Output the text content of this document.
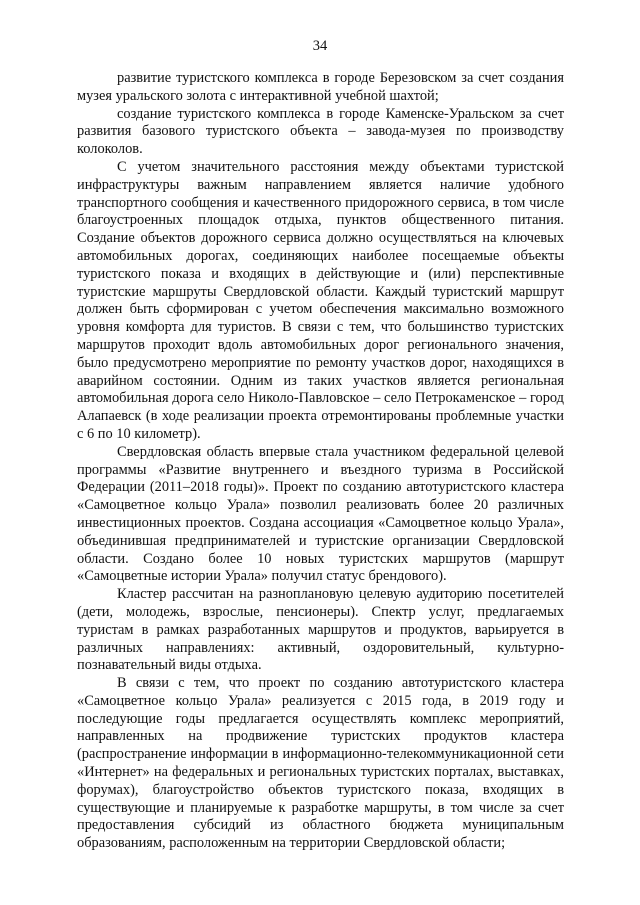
34

развитие туристского комплекса в городе Березовском за счет создания музея уральского золота с интерактивной учебной шахтой;

создание туристского комплекса в городе Каменске-Уральском за счет развития базового туристского объекта – завода-музея по производству колоколов.

С учетом значительного расстояния между объектами туристской инфраструктуры важным направлением является наличие удобного транспортного сообщения и качественного придорожного сервиса, в том числе благоустроенных площадок отдыха, пунктов общественного питания. Создание объектов дорожного сервиса должно осуществляться на ключевых автомобильных дорогах, соединяющих наиболее посещаемые объекты туристского показа и входящих в действующие и (или) перспективные туристские маршруты Свердловской области. Каждый туристский маршрут должен быть сформирован с учетом обеспечения максимально возможного уровня комфорта для туристов. В связи с тем, что большинство туристских маршрутов проходит вдоль автомобильных дорог регионального значения, было предусмотрено мероприятие по ремонту участков дорог, находящихся в аварийном состоянии. Одним из таких участков является региональная автомобильная дорога село Николо-Павловское – село Петрокаменское – город Алапаевск (в ходе реализации проекта отремонтированы проблемные участки с 6 по 10 километр).

Свердловская область впервые стала участником федеральной целевой программы «Развитие внутреннего и въездного туризма в Российской Федерации (2011–2018 годы)». Проект по созданию автотуристского кластера «Самоцветное кольцо Урала» позволил реализовать более 20 различных инвестиционных проектов. Создана ассоциация «Самоцветное кольцо Урала», объединившая предпринимателей и туристские организации Свердловской области. Создано более 10 новых туристских маршрутов (маршрут «Самоцветные истории Урала» получил статус брендового).

Кластер рассчитан на разноплановую целевую аудиторию посетителей (дети, молодежь, взрослые, пенсионеры). Спектр услуг, предлагаемых туристам в рамках разработанных маршрутов и продуктов, варьируется в различных направлениях: активный, оздоровительный, культурно-познавательный виды отдыха.

В связи с тем, что проект по созданию автотуристского кластера «Самоцветное кольцо Урала» реализуется с 2015 года, в 2019 году и последующие годы предлагается осуществлять комплекс мероприятий, направленных на продвижение туристских продуктов кластера (распространение информации в информационно-телекоммуникационной сети «Интернет» на федеральных и региональных туристских порталах, выставках, форумах), благоустройство объектов туристского показа, входящих в существующие и планируемые к разработке маршруты, в том числе за счет предоставления субсидий из областного бюджета муниципальным образованиям, расположенным на территории Свердловской области;
